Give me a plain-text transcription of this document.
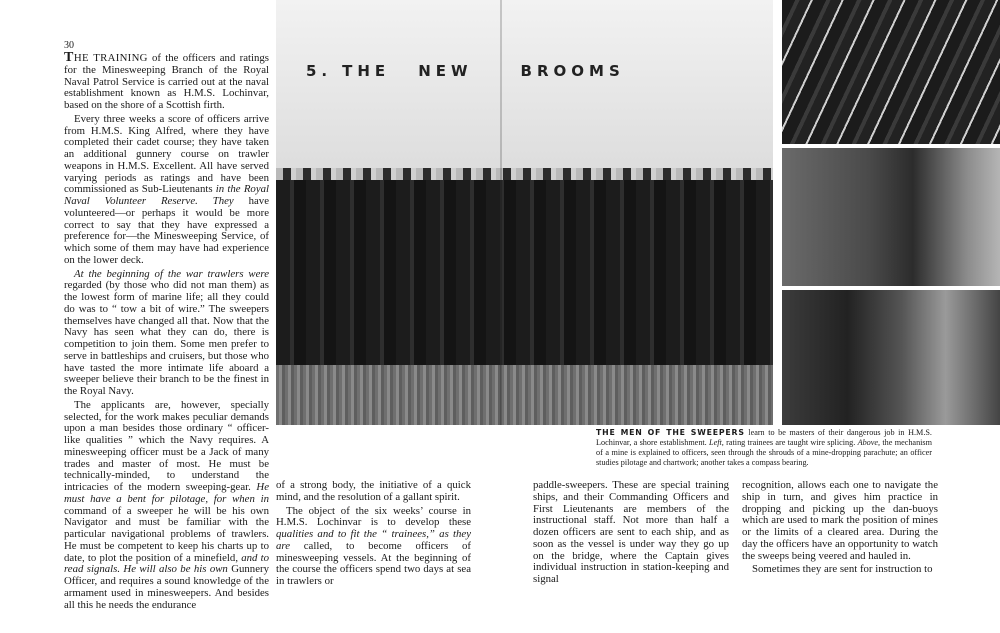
30

THE TRAINING of the officers and ratings for the Minesweeping Branch of the Royal Naval Patrol Service is carried out at the naval establishment known as H.M.S. Lochinvar, based on the shore of a Scottish firth.

Every three weeks a score of officers arrive from H.M.S. King Alfred, where they have completed their cadet course; they have taken an additional gunnery course on trawler weapons in H.M.S. Excellent. All have served varying periods as ratings and have been commissioned as Sub-Lieutenants in the Royal Naval Volunteer Reserve. They have volunteered—or perhaps it would be more correct to say that they have expressed a preference for—the Minesweeping Service, of which some of them may have had experience on the lower deck.

At the beginning of the war trawlers were regarded (by those who did not man them) as the lowest form of marine life; all they could do was to “ tow a bit of wire.” The sweepers themselves have changed all that. Now that the Navy has seen what they can do, there is competition to join them. Some men prefer to serve in battleships and cruisers, but those who have tasted the more intimate life aboard a sweeper believe their branch to be the finest in the Royal Navy.

The applicants are, however, specially selected, for the work makes peculiar demands upon a man besides those ordinary “ officer-like qualities ” which the Navy requires. A minesweeping officer must be a Jack of many trades and master of most. He must be technically-minded, to understand the intricacies of the modern sweeping-gear. He must have a bent for pilotage, for when in command of a sweeper he will be his own Navigator and must be familiar with the particular navigational problems of trawlers. He must be competent to keep his charts up to date, to plot the position of a minefield, and to read signals. He will also be his own Gunnery Officer, and requires a sound knowledge of the armament used in minesweepers. And besides all this he needs the endurance

5. THE NEW	BROOMS
THE MEN OF THE SWEEPERS learn to be masters of their dangerous job in H.M.S. Lochinvar, a shore establishment. Left, rating trainees are taught wire splicing. Above, the mechanism of a mine is explained to officers, seen through the shrouds of a mine-dropping parachute; an officer studies pilotage and chartwork; another takes a compass bearing.

of a strong body, the initiative of a quick mind, and the resolution of a gallant spirit.

The object of the six weeks’ course in H.M.S. Lochinvar is to develop these qualities and to fit the “ trainees,” as they are called, to become officers of minesweeping vessels. At the beginning of the course the officers spend two days at sea in trawlers or

paddle-sweepers. These are special training ships, and their Commanding Officers and First Lieutenants are members of the instructional staff. Not more than half a dozen officers are sent to each ship, and as soon as the vessel is under way they go up on the bridge, where the Captain gives individual instruction in station-keeping and signal

recognition, allows each one to navigate the ship in turn, and gives him practice in dropping and picking up the dan-buoys which are used to mark the position of mines or the limits of a cleared area. During the day the officers have an opportunity to watch the sweeps being veered and hauled in.

Sometimes they are sent for instruction to
